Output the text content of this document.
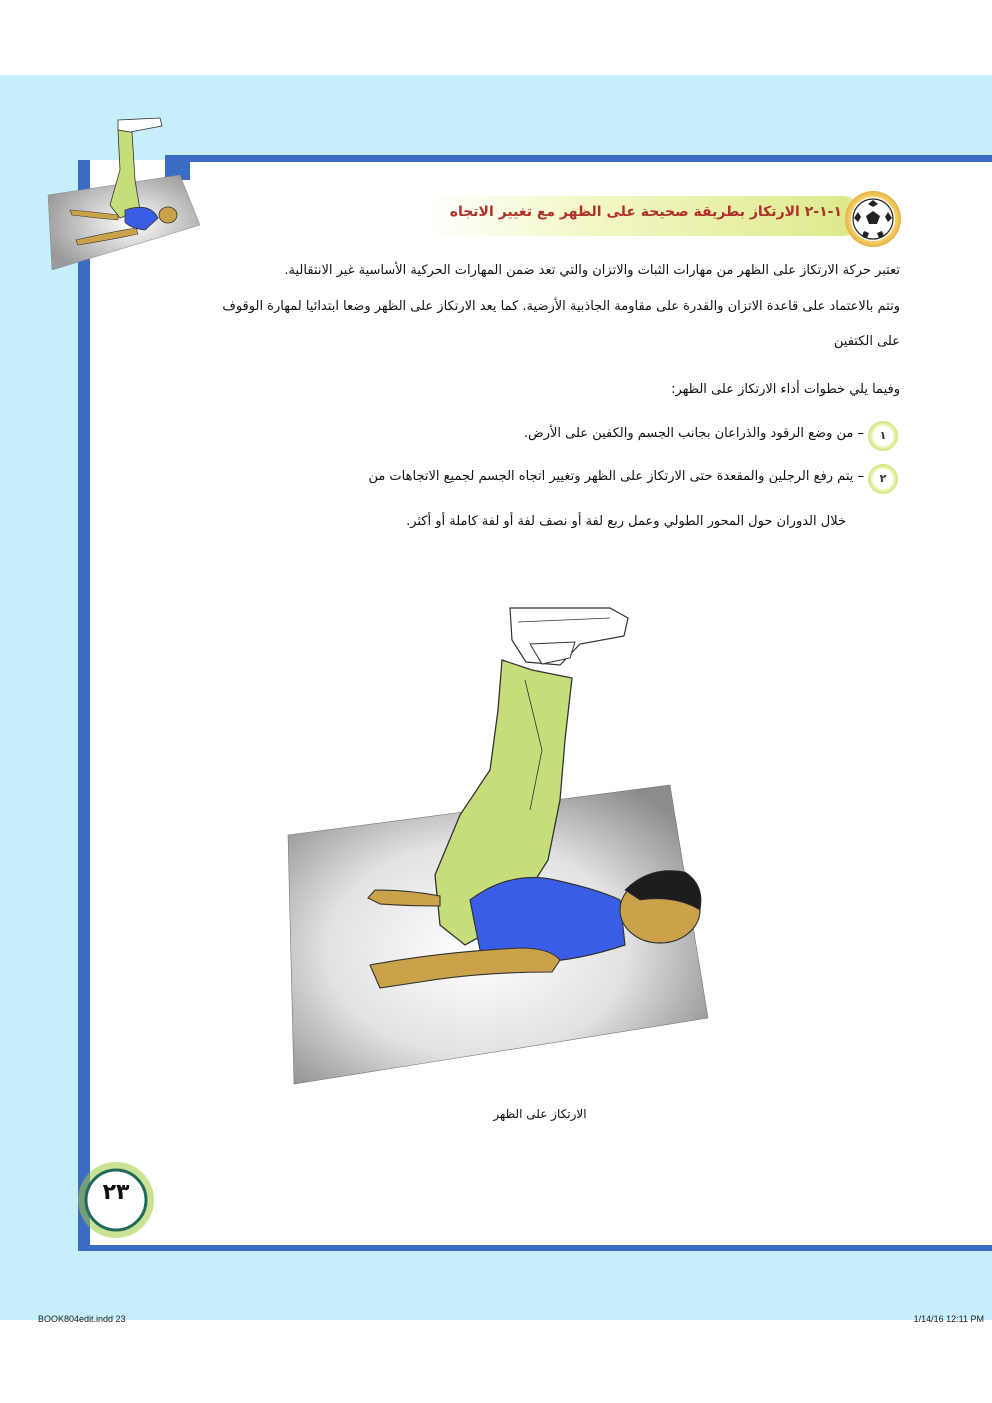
١-١-٢ الارتكاز بطريقة صحيحة على الظهر مع تغيير الاتجاه
تعتبر حركة الارتكاز على الظهر من مهارات الثبات والاتزان والتي تعد ضمن المهارات الحركية الأساسية غير الانتقالية.
وتتم بالاعتماد على قاعدة الاتزان والقدرة على مقاومة الجاذبية الأرضية. كما يعد الارتكاز على الظهر وضعا ابتدائيا لمهارة الوقوف
على الكتفين
وفيما يلي خطوات أداء الارتكاز على الظهر:
١
– من وضع الرقود والذراعان بجانب الجسم والكفين على الأرض.
٢
– يتم رفع الرجلين والمقعدة حتى الارتكاز على الظهر وتغيير اتجاه الجسم لجميع الاتجاهات من
خلال الدوران حول المحور الطولي وعمل ربع لفة أو نصف لفة أو لفة كاملة أو أكثر.
الارتكاز على الظهر
٢٣
BOOK804edit.indd 23	1/14/16 12:11 PM
